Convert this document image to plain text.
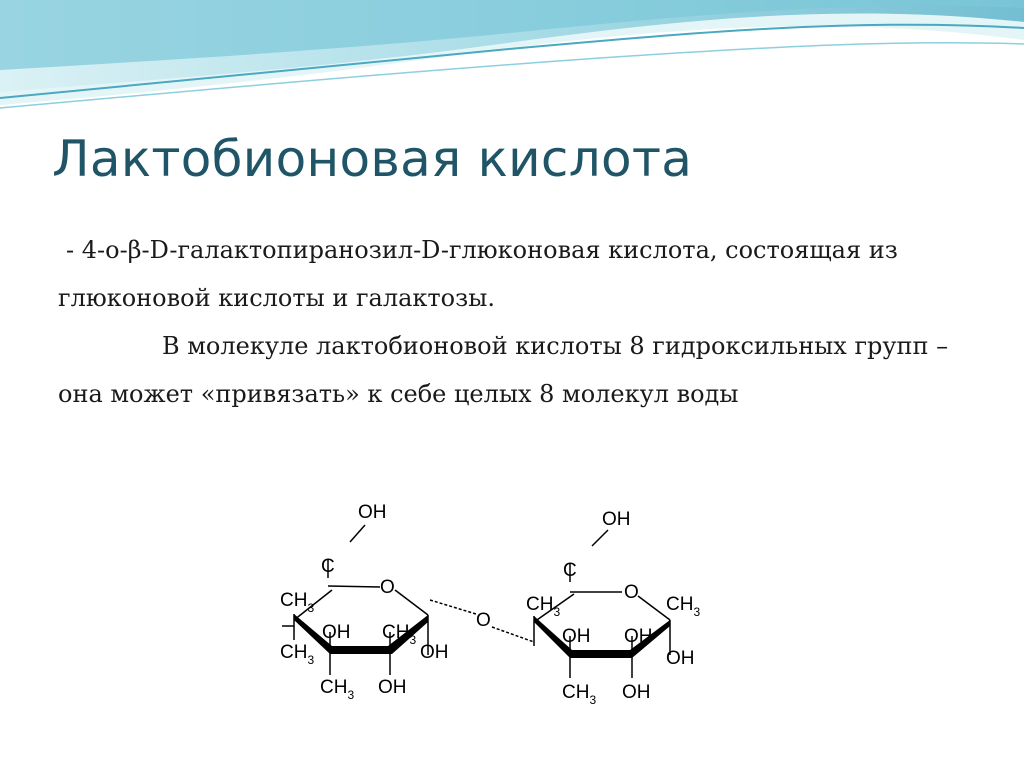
Лактобионовая кислота

- 4-о-β-D-галактопиранозил-D-глюконовая кислота, состоящая из глюконовой кислоты и галактозы.

В молекуле лактобионовой кислоты 8 гидроксильных групп – она может «привязать» к себе целых 8 молекул воды

OH
C
O
$CH_3$
$CH_3$
OH $CH_3$
OH
$CH_3$ OH
O
OH
C
O
$CH_3$	$CH_3$
OH OH
OH
$CH_3$ OH
